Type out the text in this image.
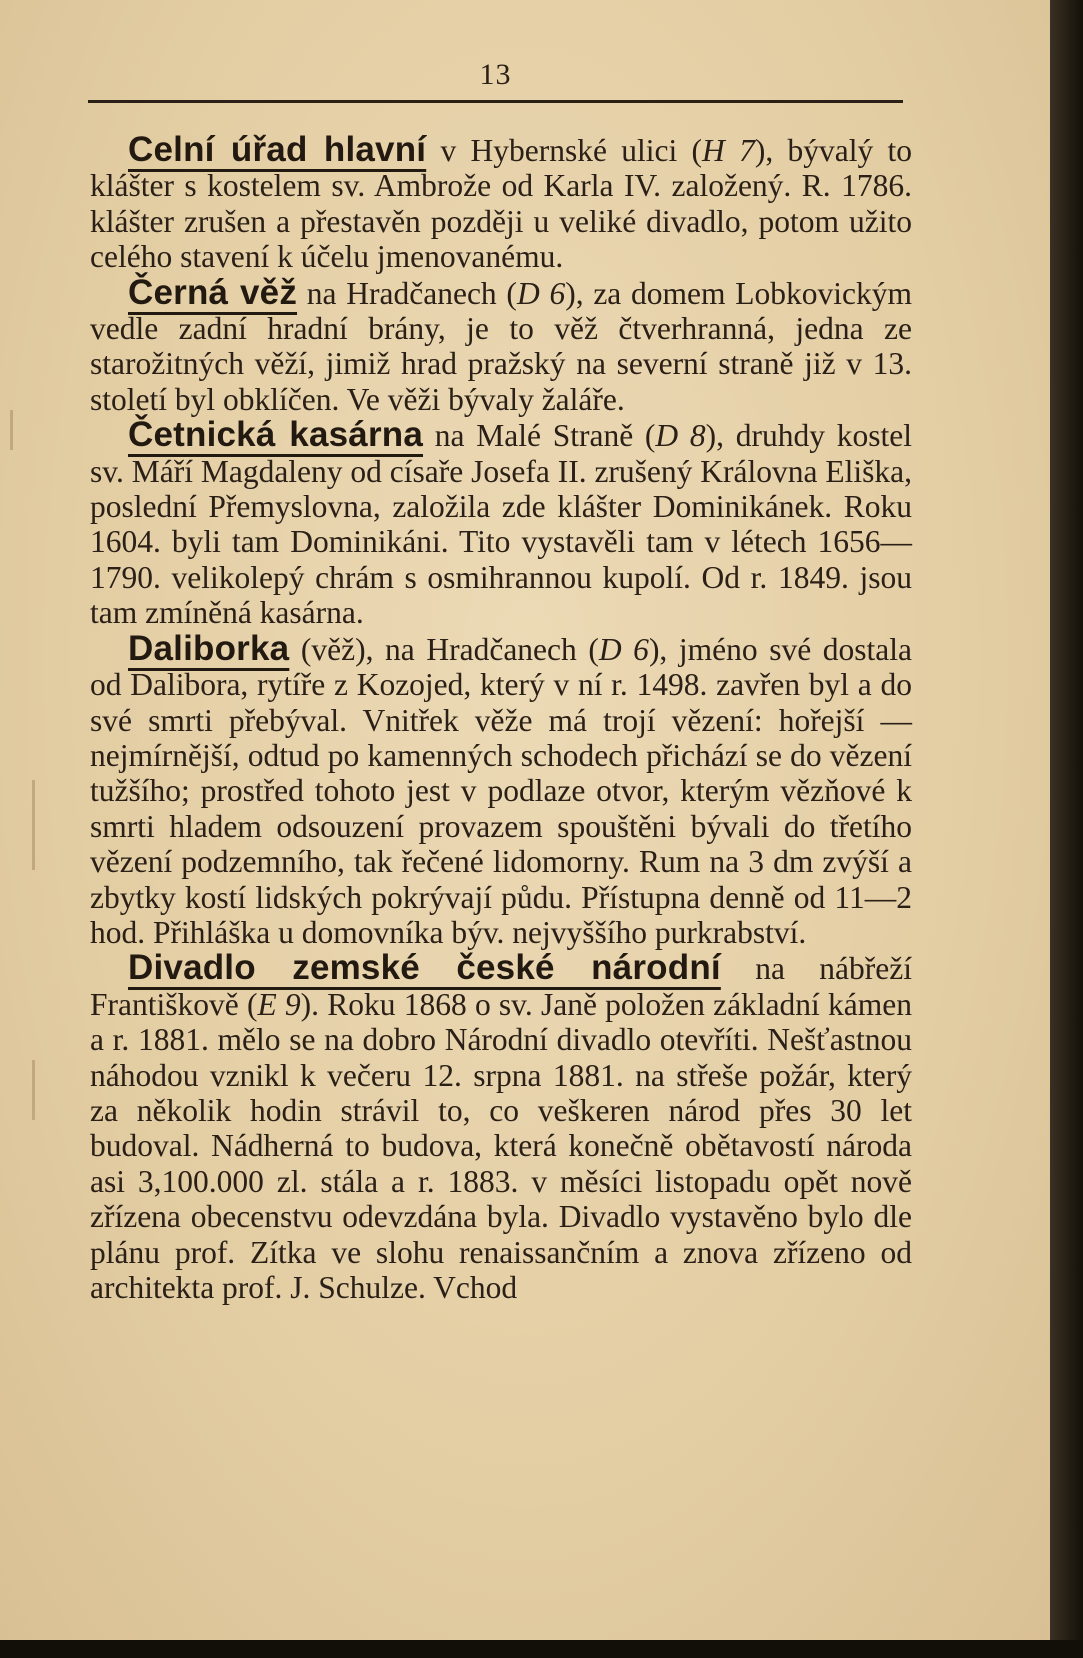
13

Celní úřad hlavní v Hybernské ulici (H 7), bývalý to klášter s kostelem sv. Ambrože od Karla IV. založený. R. 1786. klášter zrušen a přestavěn později u veliké divadlo, potom užito celého stavení k účelu jmenovanému.

Černá věž na Hradčanech (D 6), za domem Lobkovickým vedle zadní hradní brány, je to věž čtverhranná, jedna ze starožitných věží, jimiž hrad pražský na severní straně již v 13. století byl obklíčen. Ve věži bývaly žaláře.

Četnická kasárna na Malé Straně (D 8), druhdy kostel sv. Máří Magdaleny od císaře Josefa II. zrušený Královna Eliška, poslední Přemyslovna, založila zde klášter Dominikánek. Roku 1604. byli tam Dominikáni. Tito vystavěli tam v létech 1656—1790. velikolepý chrám s osmihrannou kupolí. Od r. 1849. jsou tam zmíněná kasárna.

Daliborka (věž), na Hradčanech (D 6), jméno své dostala od Dalibora, rytíře z Kozojed, který v ní r. 1498. zavřen byl a do své smrti přebýval. Vnitřek věže má trojí vězení: hořejší — nejmírnější, odtud po kamenných schodech přichází se do vězení tužšího; prostřed tohoto jest v podlaze otvor, kterým vězňové k smrti hladem odsouzení provazem spouštěni bývali do třetího vězení podzemního, tak řečené lidomorny. Rum na 3 dm zvýší a zbytky kostí lidských pokrývají půdu. Přístupna denně od 11—2 hod. Přihláška u domovníka býv. nejvyššího purkrabství.

Divadlo zemské české národní na nábřeží Františkově (E 9). Roku 1868 o sv. Janě položen základní kámen a r. 1881. mělo se na dobro Národní divadlo otevříti. Nešťastnou náhodou vznikl k večeru 12. srpna 1881. na střeše požár, který za několik hodin strávil to, co veškeren národ přes 30 let budoval. Nádherná to budova, která konečně obětavostí národa asi 3,100.000 zl. stála a r. 1883. v měsíci listopadu opět nově zřízena obecenstvu odevzdána byla. Divadlo vystavěno bylo dle plánu prof. Zítka ve slohu renaissančním a znova zřízeno od architekta prof. J. Schulze. Vchod
